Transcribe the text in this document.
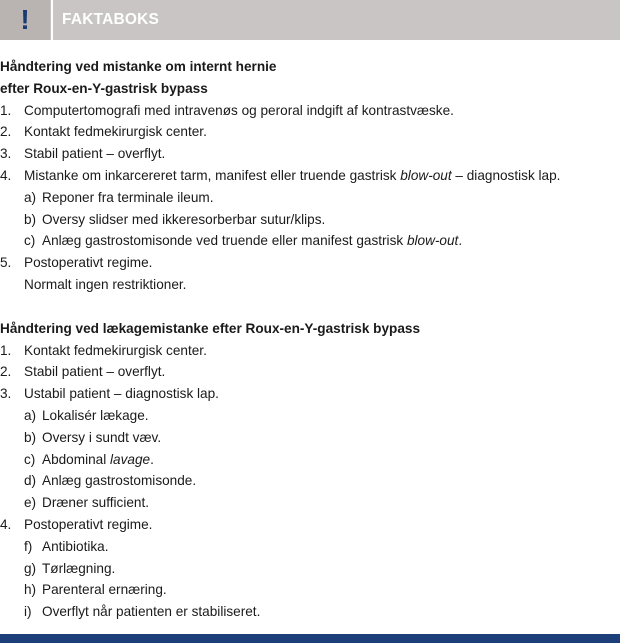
!	FAKTABOKS
Håndtering ved mistanke om internt hernie
efter Roux-en-Y-gastrisk bypass
1. Computertomografi med intravenøs og peroral indgift af kontrastvæske.
2. Kontakt fedmekirurgisk center.
3. Stabil patient – overflyt.
4. Mistanke om inkarcereret tarm, manifest eller truende gastrisk blow-out – diagnostisk lap.
a) Reponer fra terminale ileum.
b) Oversy slidser med ikkeresorberbar sutur/klips.
c) Anlæg gastrostomisonde ved truende eller manifest gastrisk blow-out.
5. Postoperativt regime.
Normalt ingen restriktioner.
Håndtering ved lækagemistanke efter Roux-en-Y-gastrisk bypass
1. Kontakt fedmekirurgisk center.
2. Stabil patient – overflyt.
3. Ustabil patient – diagnostisk lap.
a) Lokalisér lækage.
b) Oversy i sundt væv.
c) Abdominal lavage.
d) Anlæg gastrostomisonde.
e) Dræner sufficient.
4. Postoperativt regime.
f) Antibiotika.
g) Tørlægning.
h) Parenteral ernæring.
i) Overflyt når patienten er stabiliseret.
